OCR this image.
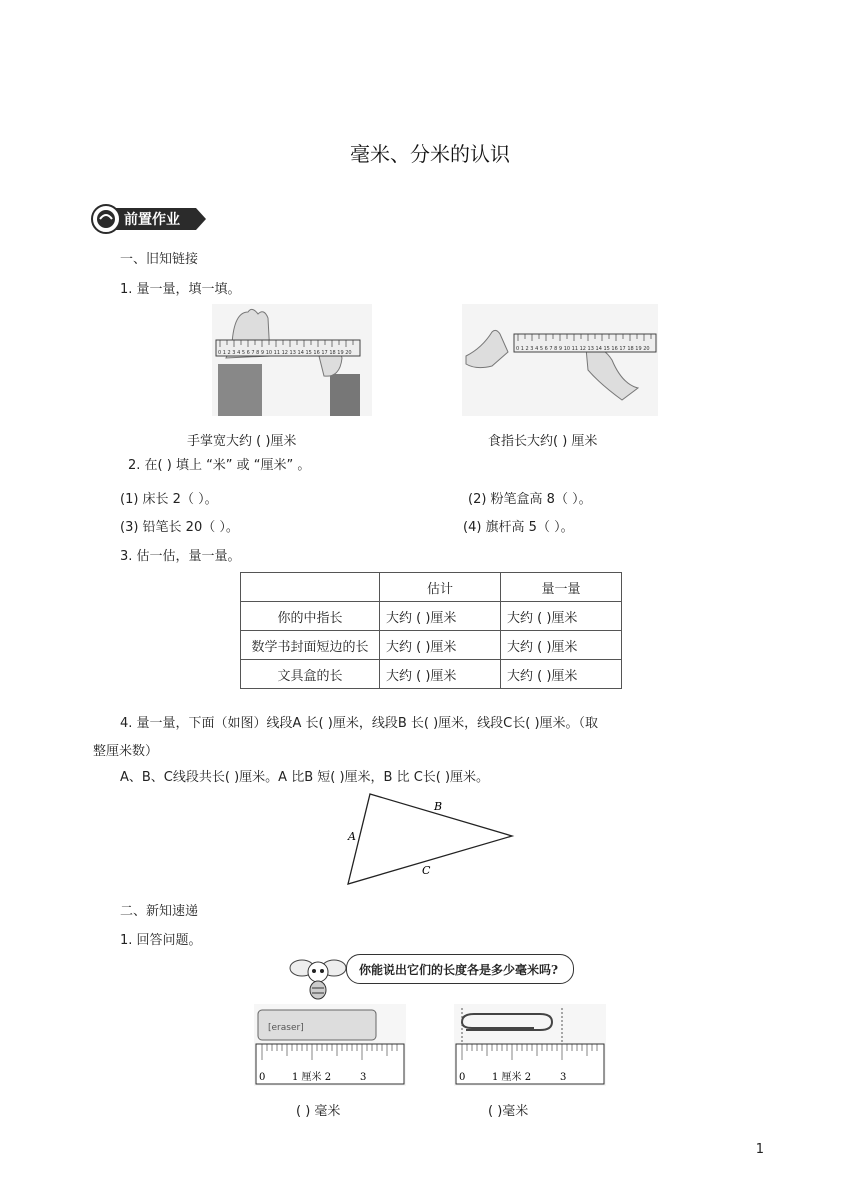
毫米、分米的认识
前置作业
一、旧知链接
1. 量一量，填一填。
0 1 2 3 4 5 6 7 8 9 10 11 12 13 14 15 16 17 18 19 20
0 1 2 3 4 5 6 7 8 9 10 11 12 13 14 15 16 17 18 19 20
手掌宽大约 ( )厘米	食指长大约( ) 厘米
2. 在( ) 填上 “米” 或 “厘米” 。
(1) 床长 2（ ）。	(2) 粉笔盒高 8（ ）。
(3) 铅笔长 20（ ）。	(4) 旗杆高 5（ ）。
3. 估一估，量一量。
	估计	量一量
你的中指长	大约 ( )厘米	大约 ( )厘米
数学书封面短边的长	大约 ( )厘米	大约 ( )厘米
文具盒的长	大约 ( )厘米	大约 ( )厘米
4. 量一量，下面（如图）线段A 长( )厘米，线段B 长( )厘米，线段C长( )厘米。（取
整厘米数）
A、B、C线段共长( )厘米。A 比B 短( )厘米，B 比 C长( )厘米。
B
A
C
二、新知速递
1. 回答问题。
你能说出它们的长度各是多少毫米吗?
[eraser]
0	1 厘米 2	3	0	1 厘米 2	3
( ) 毫米	( )毫米
1
